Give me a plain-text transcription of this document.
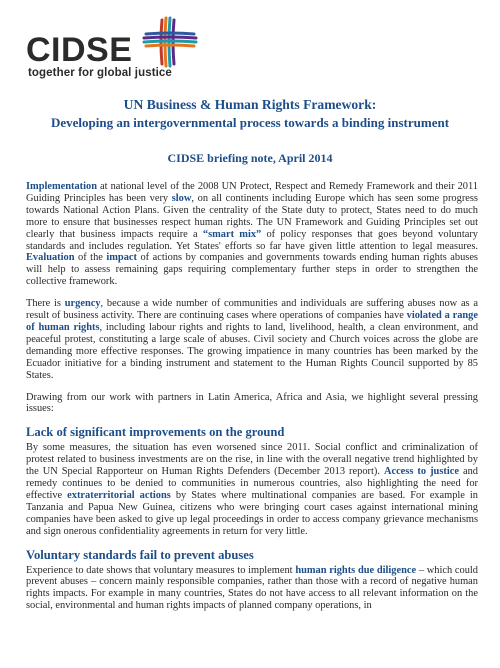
CIDSE
together for global justice
UN Business & Human Rights Framework:
Developing an intergovernmental process towards a binding instrument
CIDSE briefing note, April 2014

Implementation at national level of the 2008 UN Protect, Respect and Remedy Framework and their 2011 Guiding Principles has been very slow, on all continents including Europe which has seen some progress towards National Action Plans. Given the centrality of the State duty to protect, States need to do much more to ensure that businesses respect human rights. The UN Framework and Guiding Principles set out clearly that business impacts require a “smart mix” of policy responses that goes beyond voluntary standards and includes regulation. Yet States' efforts so far have given little attention to legal measures. Evaluation of the impact of actions by companies and governments towards ending human rights abuses will help to assess remaining gaps requiring complementary further steps in order to strengthen the collective framework.

There is urgency, because a wide number of communities and individuals are suffering abuses now as a result of business activity. There are continuing cases where operations of companies have violated a range of human rights, including labour rights and rights to land, livelihood, health, a clean environment, and peaceful protest, constituting a large scale of abuses. Civil society and Church voices across the globe are demanding more effective responses. The growing impatience in many countries has been marked by the Ecuador initiative for a binding instrument and statement to the Human Rights Council supported by 85 States.

Drawing from our work with partners in Latin America, Africa and Asia, we highlight several pressing issues:

Lack of significant improvements on the ground

By some measures, the situation has even worsened since 2011. Social conflict and criminalization of protest related to business investments are on the rise, in line with the overall negative trend highlighted by the UN Special Rapporteur on Human Rights Defenders (December 2013 report). Access to justice and remedy continues to be denied to communities in numerous countries, also highlighting the need for effective extraterritorial actions by States where multinational companies are based. For example in Tanzania and Papua New Guinea, citizens who were bringing court cases against international mining companies have been asked to give up legal proceedings in order to access company grievance mechanisms and sign onerous confidentiality agreements in return for very little.

Voluntary standards fail to prevent abuses

Experience to date shows that voluntary measures to implement human rights due diligence – which could prevent abuses – concern mainly responsible companies, rather than those with a record of negative human rights impacts. For example in many countries, States do not have access to all relevant information on the social, environmental and human rights impacts of planned company operations, in
